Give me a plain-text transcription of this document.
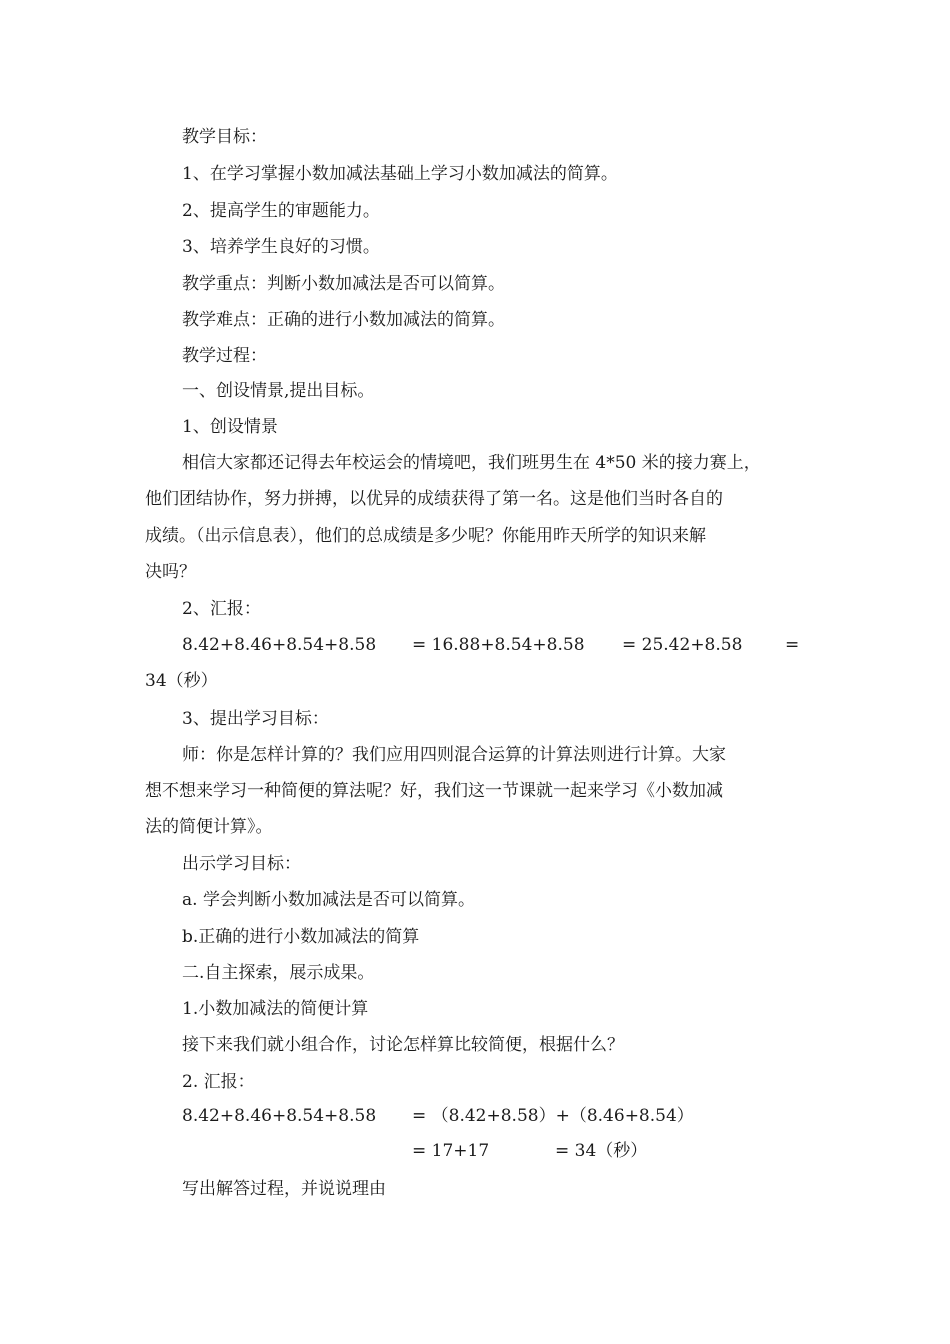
教学目标：
1、在学习掌握小数加减法基础上学习小数加减法的简算。
2、提高学生的审题能力。
3、培养学生良好的习惯。
教学重点：判断小数加减法是否可以简算。
教学难点：正确的进行小数加减法的简算。
教学过程：
一、创设情景,提出目标。
1、创设情景
相信大家都还记得去年校运会的情境吧，我们班男生在 4*50 米的接力赛上，
他们团结协作，努力拼搏，以优异的成绩获得了第一名。这是他们当时各自的
成绩。（出示信息表），他们的总成绩是多少呢？你能用昨天所学的知识来解
决吗？
2、汇报：
8.42+8.46+8.54+8.58 = 16.88+8.54+8.58 = 25.42+8.58	=
34（秒）
3、提出学习目标：
师：你是怎样计算的？我们应用四则混合运算的计算法则进行计算。大家
想不想来学习一种简便的算法呢？好，我们这一节课就一起来学习《小数加减
法的简便计算》。
出示学习目标：
a. 学会判断小数加减法是否可以简算。
b.正确的进行小数加减法的简算
二.自主探索，展示成果。
1.小数加减法的简便计算
接下来我们就小组合作，讨论怎样算比较简便，根据什么？
2. 汇报：
8.42+8.46+8.54+8.58 = （8.42+8.58）+（8.46+8.54）
= 17+17	= 34（秒）
写出解答过程，并说说理由
